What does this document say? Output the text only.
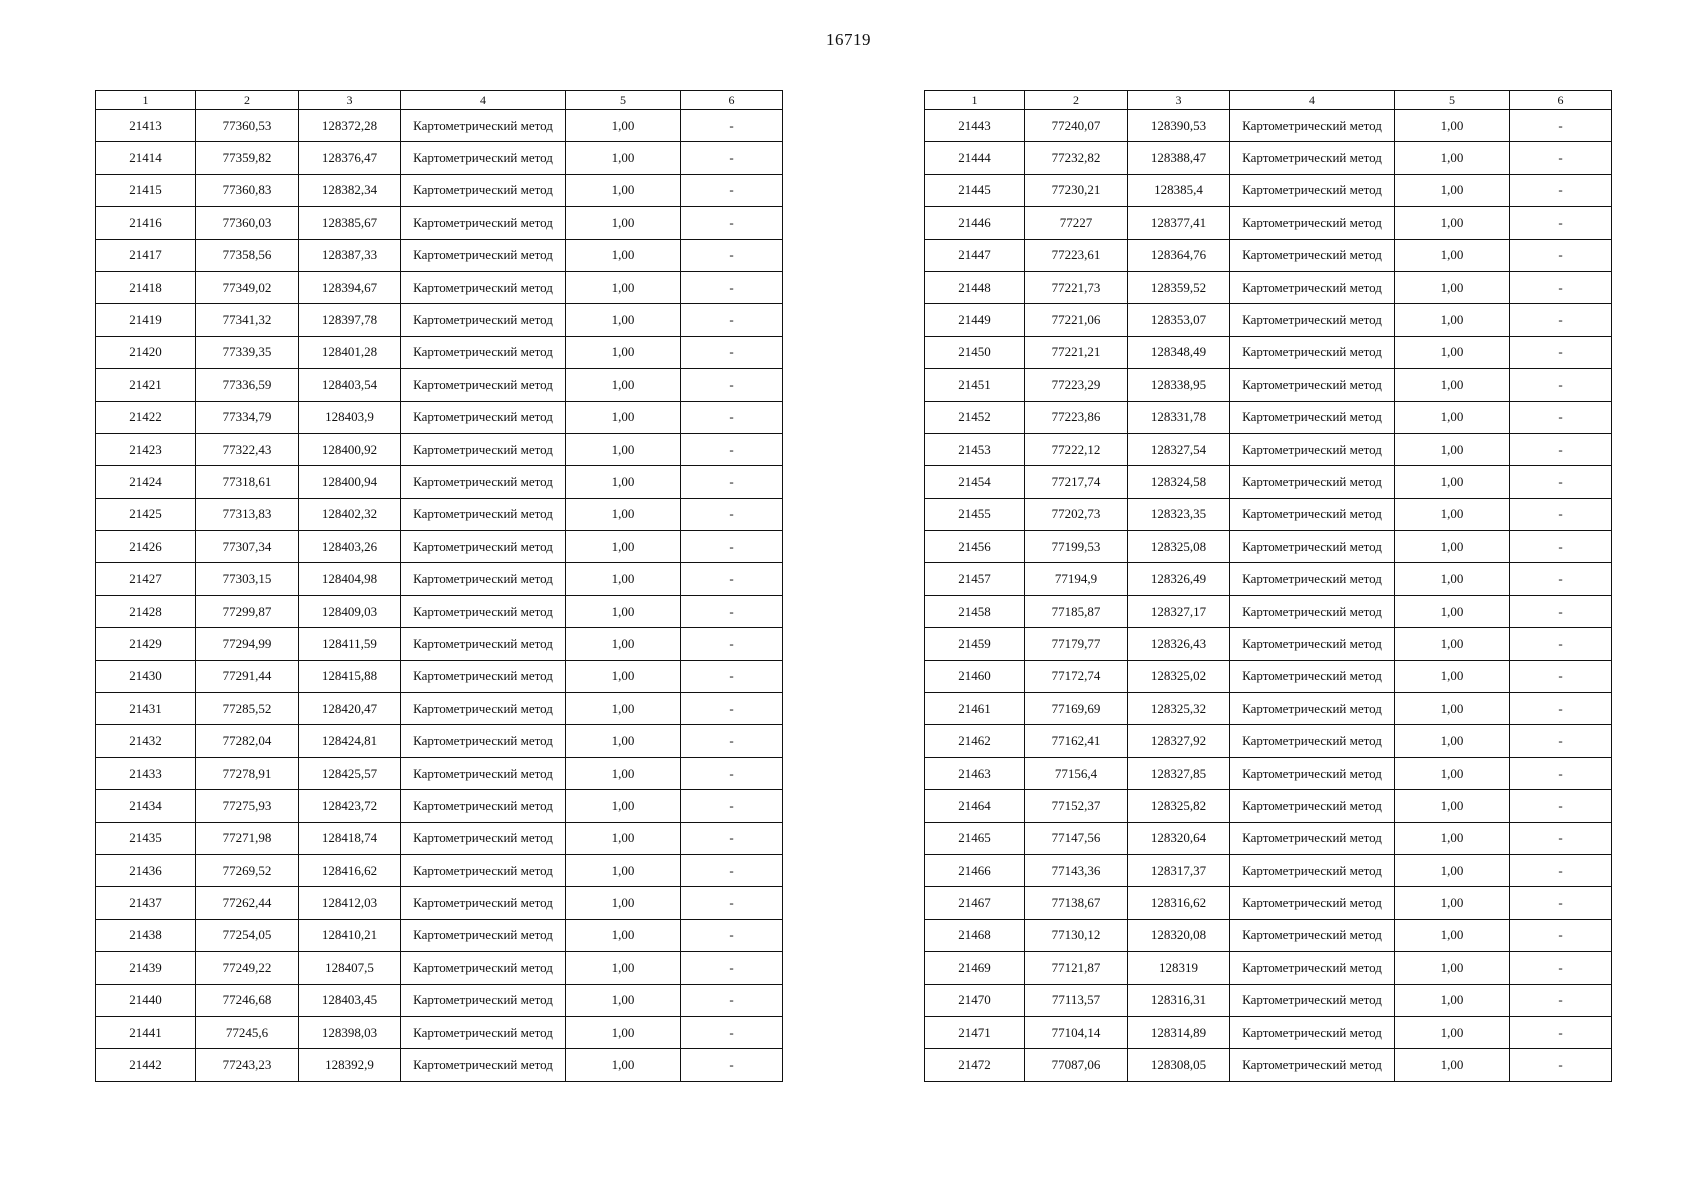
16719
1	2	3	4	5	6
21413	77360,53	128372,28	Картометрический метод	1,00	-
21414	77359,82	128376,47	Картометрический метод	1,00	-
21415	77360,83	128382,34	Картометрический метод	1,00	-
21416	77360,03	128385,67	Картометрический метод	1,00	-
21417	77358,56	128387,33	Картометрический метод	1,00	-
21418	77349,02	128394,67	Картометрический метод	1,00	-
21419	77341,32	128397,78	Картометрический метод	1,00	-
21420	77339,35	128401,28	Картометрический метод	1,00	-
21421	77336,59	128403,54	Картометрический метод	1,00	-
21422	77334,79	128403,9	Картометрический метод	1,00	-
21423	77322,43	128400,92	Картометрический метод	1,00	-
21424	77318,61	128400,94	Картометрический метод	1,00	-
21425	77313,83	128402,32	Картометрический метод	1,00	-
21426	77307,34	128403,26	Картометрический метод	1,00	-
21427	77303,15	128404,98	Картометрический метод	1,00	-
21428	77299,87	128409,03	Картометрический метод	1,00	-
21429	77294,99	128411,59	Картометрический метод	1,00	-
21430	77291,44	128415,88	Картометрический метод	1,00	-
21431	77285,52	128420,47	Картометрический метод	1,00	-
21432	77282,04	128424,81	Картометрический метод	1,00	-
21433	77278,91	128425,57	Картометрический метод	1,00	-
21434	77275,93	128423,72	Картометрический метод	1,00	-
21435	77271,98	128418,74	Картометрический метод	1,00	-
21436	77269,52	128416,62	Картометрический метод	1,00	-
21437	77262,44	128412,03	Картометрический метод	1,00	-
21438	77254,05	128410,21	Картометрический метод	1,00	-
21439	77249,22	128407,5	Картометрический метод	1,00	-
21440	77246,68	128403,45	Картометрический метод	1,00	-
21441	77245,6	128398,03	Картометрический метод	1,00	-
21442	77243,23	128392,9	Картометрический метод	1,00	-
1	2	3	4	5	6
21443	77240,07	128390,53	Картометрический метод	1,00	-
21444	77232,82	128388,47	Картометрический метод	1,00	-
21445	77230,21	128385,4	Картометрический метод	1,00	-
21446	77227	128377,41	Картометрический метод	1,00	-
21447	77223,61	128364,76	Картометрический метод	1,00	-
21448	77221,73	128359,52	Картометрический метод	1,00	-
21449	77221,06	128353,07	Картометрический метод	1,00	-
21450	77221,21	128348,49	Картометрический метод	1,00	-
21451	77223,29	128338,95	Картометрический метод	1,00	-
21452	77223,86	128331,78	Картометрический метод	1,00	-
21453	77222,12	128327,54	Картометрический метод	1,00	-
21454	77217,74	128324,58	Картометрический метод	1,00	-
21455	77202,73	128323,35	Картометрический метод	1,00	-
21456	77199,53	128325,08	Картометрический метод	1,00	-
21457	77194,9	128326,49	Картометрический метод	1,00	-
21458	77185,87	128327,17	Картометрический метод	1,00	-
21459	77179,77	128326,43	Картометрический метод	1,00	-
21460	77172,74	128325,02	Картометрический метод	1,00	-
21461	77169,69	128325,32	Картометрический метод	1,00	-
21462	77162,41	128327,92	Картометрический метод	1,00	-
21463	77156,4	128327,85	Картометрический метод	1,00	-
21464	77152,37	128325,82	Картометрический метод	1,00	-
21465	77147,56	128320,64	Картометрический метод	1,00	-
21466	77143,36	128317,37	Картометрический метод	1,00	-
21467	77138,67	128316,62	Картометрический метод	1,00	-
21468	77130,12	128320,08	Картометрический метод	1,00	-
21469	77121,87	128319	Картометрический метод	1,00	-
21470	77113,57	128316,31	Картометрический метод	1,00	-
21471	77104,14	128314,89	Картометрический метод	1,00	-
21472	77087,06	128308,05	Картометрический метод	1,00	-
